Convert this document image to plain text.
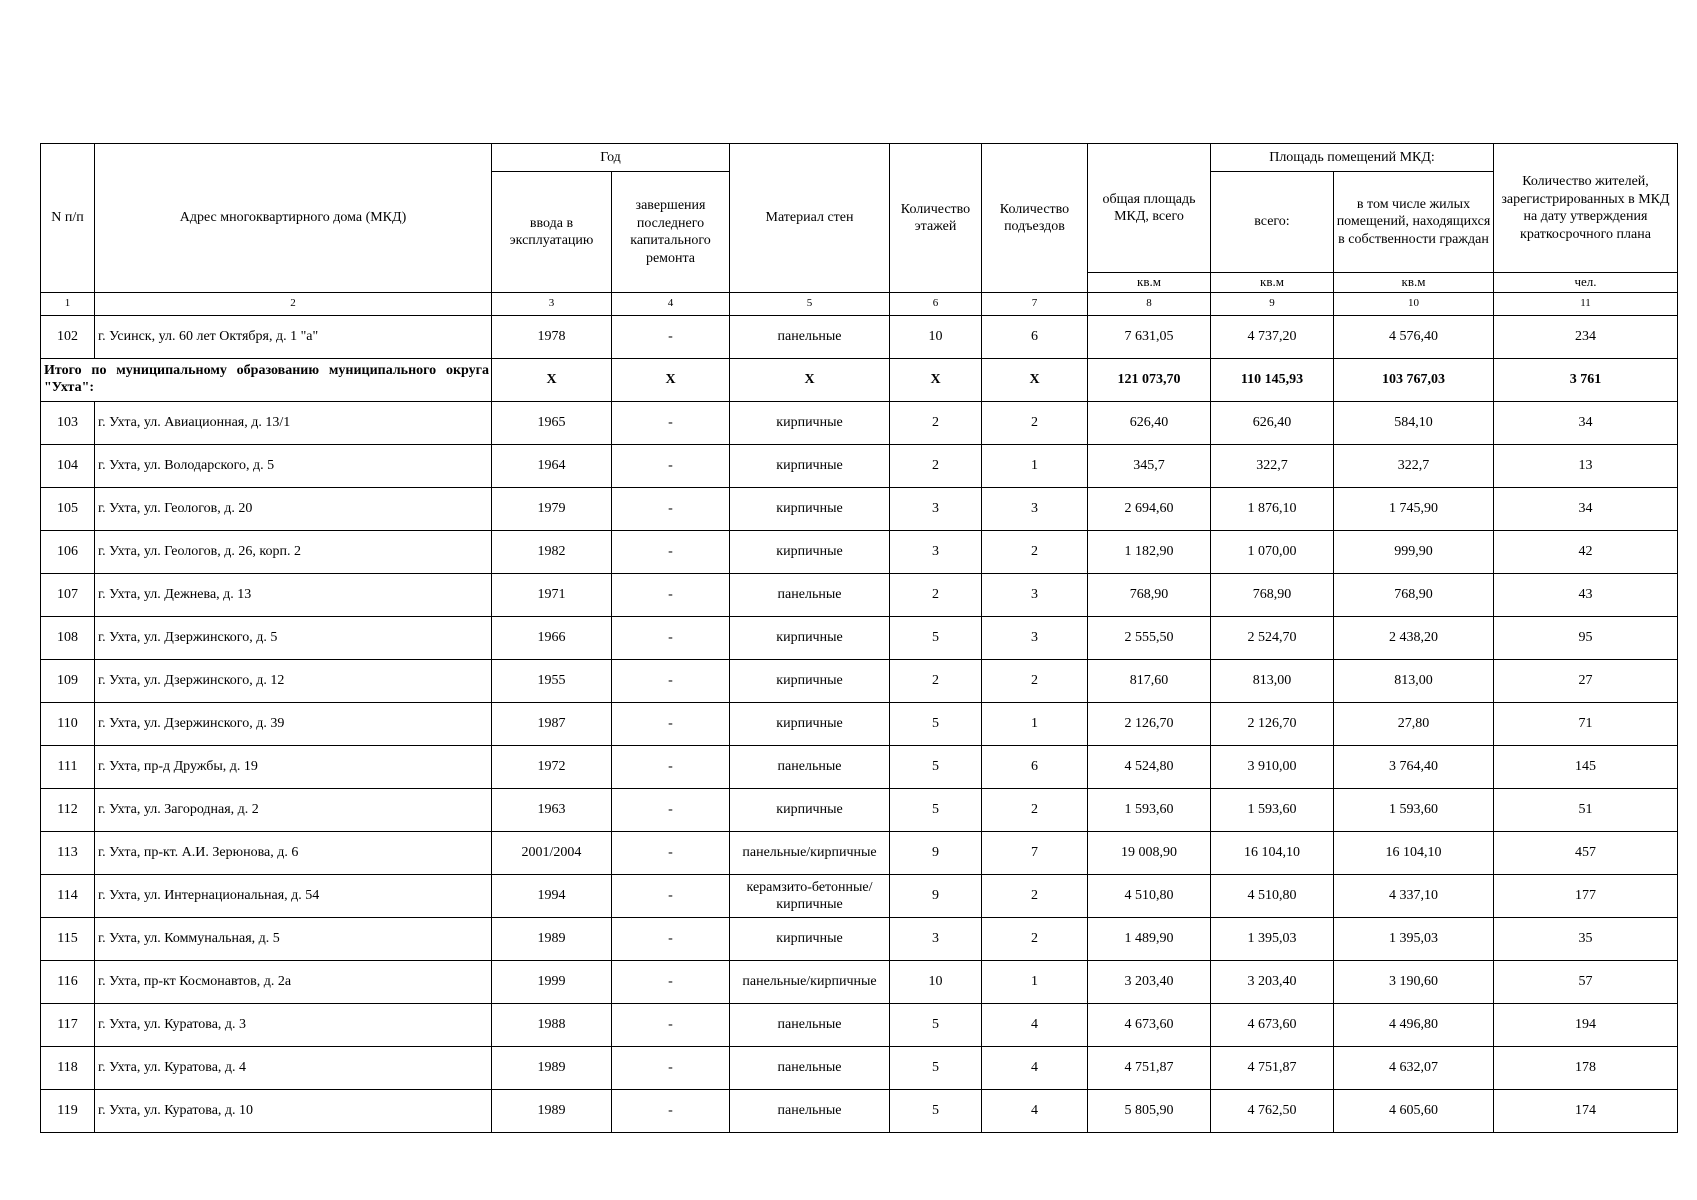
N п/п	Адрес многоквартирного дома (МКД)	Год		Материал стен	Количество этажей	Количество подъездов	общая площадь МКД, всего	Площадь помещений МКД:		Количество жителей, зарегистрированных в МКД на дату утверждения краткосрочного плана
		ввода в эксплуатацию	завершения последнего капитального ремонта					всего:	в том числе жилых помещений, находящихся в собственности граждан	
							кв.м	кв.м	кв.м	чел.
1	2	3	4	5	6	7	8	9	10	11
102	г. Усинск, ул. 60 лет Октября, д. 1 "а"	1978	-	панельные	10	6	7 631,05	4 737,20	4 576,40	234
Итого по муниципальному образованию муниципального округа "Ухта":		X	X	X	X	X	121 073,70	110 145,93	103 767,03	3 761
103	г. Ухта, ул. Авиационная, д. 13/1	1965	-	кирпичные	2	2	626,40	626,40	584,10	34
104	г. Ухта, ул. Володарского, д. 5	1964	-	кирпичные	2	1	345,7	322,7	322,7	13
105	г. Ухта, ул. Геологов, д. 20	1979	-	кирпичные	3	3	2 694,60	1 876,10	1 745,90	34
106	г. Ухта, ул. Геологов, д. 26, корп. 2	1982	-	кирпичные	3	2	1 182,90	1 070,00	999,90	42
107	г. Ухта, ул. Дежнева, д. 13	1971	-	панельные	2	3	768,90	768,90	768,90	43
108	г. Ухта, ул. Дзержинского, д. 5	1966	-	кирпичные	5	3	2 555,50	2 524,70	2 438,20	95
109	г. Ухта, ул. Дзержинского, д. 12	1955	-	кирпичные	2	2	817,60	813,00	813,00	27
110	г. Ухта, ул. Дзержинского, д. 39	1987	-	кирпичные	5	1	2 126,70	2 126,70	27,80	71
111	г. Ухта, пр-д Дружбы, д. 19	1972	-	панельные	5	6	4 524,80	3 910,00	3 764,40	145
112	г. Ухта, ул. Загородная, д. 2	1963	-	кирпичные	5	2	1 593,60	1 593,60	1 593,60	51
113	г. Ухта, пр-кт. А.И. Зерюнова, д. 6	2001/2004	-	панельные/кирпичные	9	7	19 008,90	16 104,10	16 104,10	457
114	г. Ухта, ул. Интернациональная, д. 54	1994	-	керамзито-бетонные/кирпичные	9	2	4 510,80	4 510,80	4 337,10	177
115	г. Ухта, ул. Коммунальная, д. 5	1989	-	кирпичные	3	2	1 489,90	1 395,03	1 395,03	35
116	г. Ухта, пр-кт Космонавтов, д. 2а	1999	-	панельные/кирпичные	10	1	3 203,40	3 203,40	3 190,60	57
117	г. Ухта, ул. Куратова, д. 3	1988	-	панельные	5	4	4 673,60	4 673,60	4 496,80	194
118	г. Ухта, ул. Куратова, д. 4	1989	-	панельные	5	4	4 751,87	4 751,87	4 632,07	178
119	г. Ухта, ул. Куратова, д. 10	1989	-	панельные	5	4	5 805,90	4 762,50	4 605,60	174
